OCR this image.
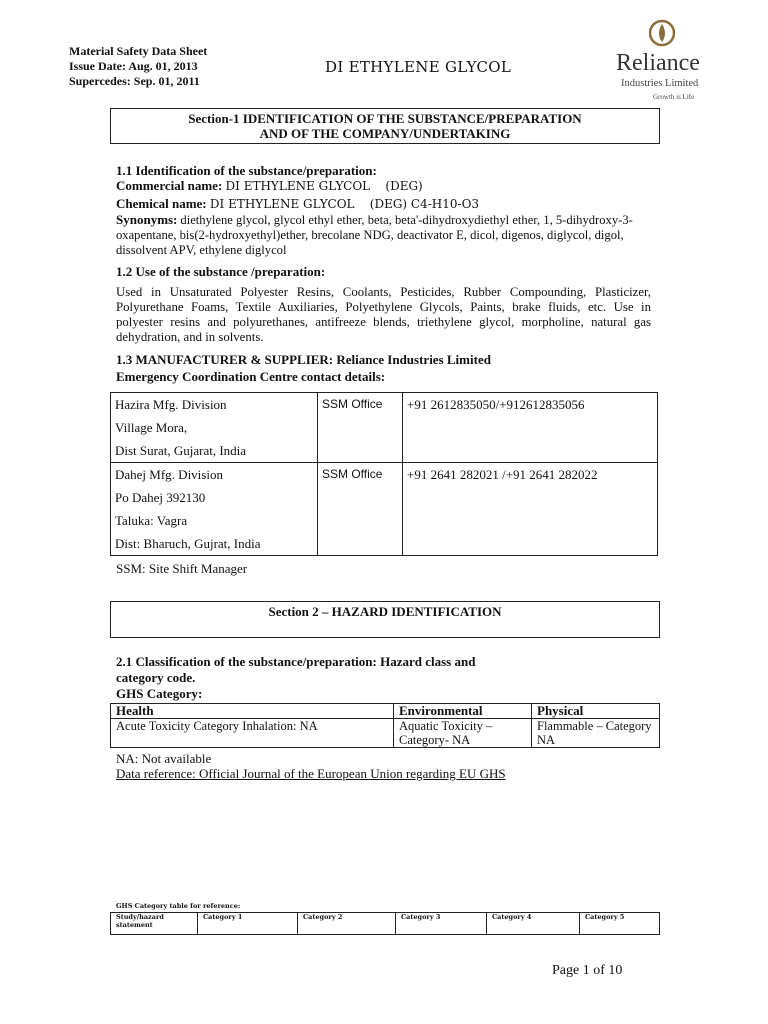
Material Safety Data Sheet
Issue Date: Aug. 01, 2013
Supercedes: Sep. 01, 2011
DI ETHYLENE GLYCOL	Reliance
Industries Limited
Growth is Life
Section-1 IDENTIFICATION OF THE SUBSTANCE/PREPARATION
AND OF THE COMPANY/UNDERTAKING
1.1 Identification of the substance/preparation:
Commercial name: DI ETHYLENE GLYCOL    (DEG)
Chemical name: DI ETHYLENE GLYCOL    (DEG) C4-H10-O3
Synonyms: diethylene glycol, glycol ethyl ether, beta, beta'-dihydroxydiethyl ether, 1, 5-dihydroxy-3-oxapentane, bis(2-hydroxyethyl)ether, brecolane NDG, deactivator E, dicol, digenos, diglycol, digol, dissolvent APV, ethylene diglycol
1.2 Use of the substance /preparation:
Used in Unsaturated Polyester Resins, Coolants, Pesticides, Rubber Compounding, Plasticizer, Polyurethane Foams, Textile Auxiliaries, Polyethylene Glycols, Paints, brake fluids, etc. Use in polyester resins and polyurethanes, antifreeze blends, triethylene glycol, morpholine, natural gas dehydration, and in solvents.
1.3 MANUFACTURER & SUPPLIER: Reliance Industries Limited
Emergency Coordination Centre contact details:
Hazira Mfg. Division
Village Mora,
Dist Surat, Gujarat, India	SSM Office	+91 2612835050/+912612835056

Dahej Mfg. Division
Po Dahej 392130
Taluka: Vagra
Dist: Bharuch, Gujrat, India	SSM Office	+91 2641 282021 /+91 2641 282022
SSM: Site Shift Manager
Section 2 – HAZARD IDENTIFICATION
2.1 Classification of the substance/preparation: Hazard class and
category code.
GHS Category:
Health	Environmental	Physical
Acute Toxicity Category Inhalation: NA	Aquatic Toxicity – Category- NA	Flammable – Category NA
NA: Not available
Data reference: Official Journal of the European Union regarding EU GHS
GHS Category table for reference:
Study/hazard statement	Category 1	Category 2	Category 3	Category 4	Category 5
Page 1 of 10
